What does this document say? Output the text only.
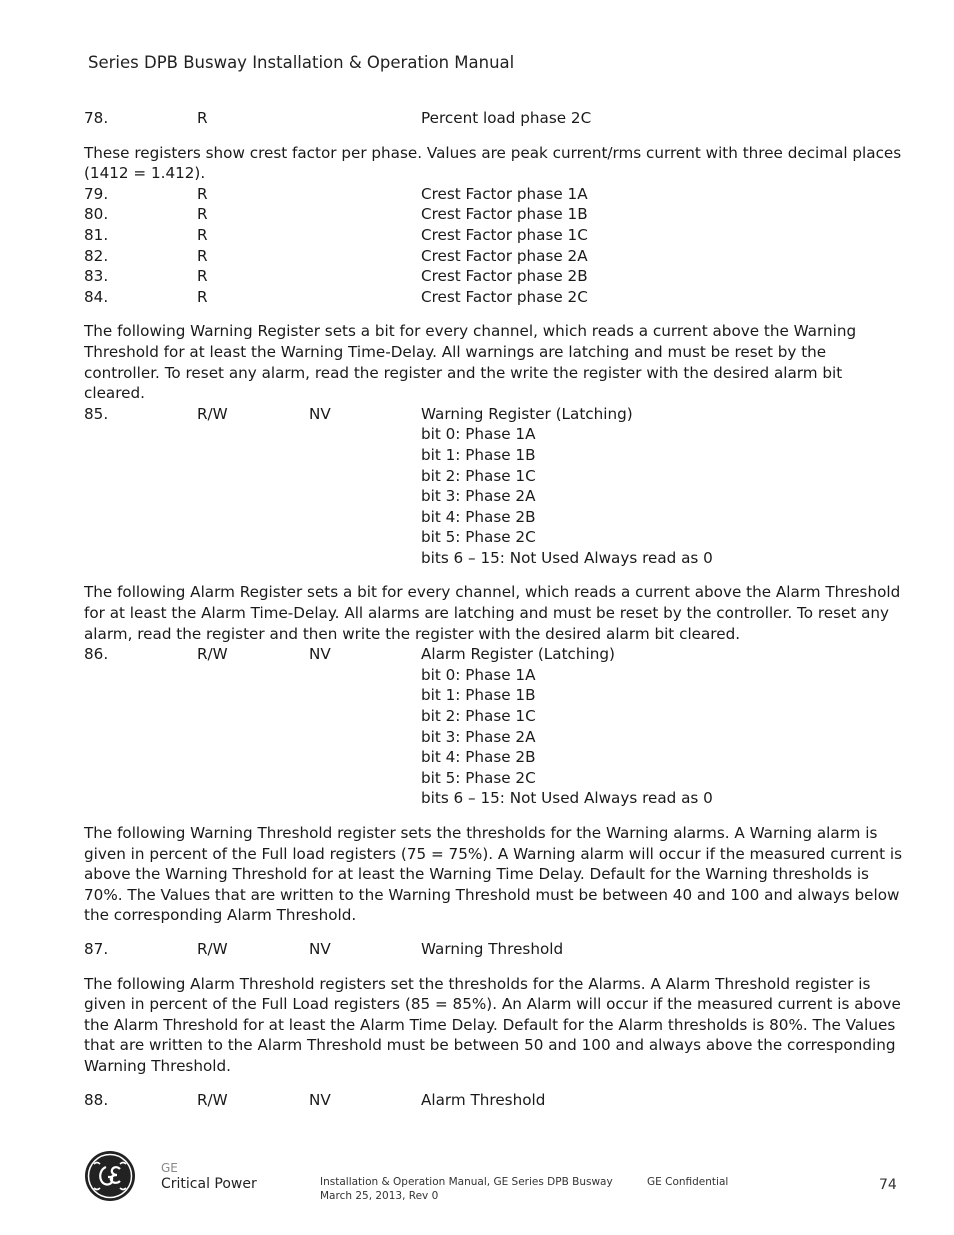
Series DPB Busway Installation & Operation Manual
78.	R	Percent load phase 2C

These registers show crest factor per phase. Values are peak current/rms current with three decimal places (1412 = 1.412).

79.	R	Crest Factor phase 1A
80.	R	Crest Factor phase 1B
81.	R	Crest Factor phase 1C
82.	R	Crest Factor phase 2A
83.	R	Crest Factor phase 2B
84.	R	Crest Factor phase 2C

The following Warning Register sets a bit for every channel, which reads a current above the Warning Threshold for at least the Warning Time-Delay. All warnings are latching and must be reset by the controller. To reset any alarm, read the register and the write the register with the desired alarm bit cleared.

85.	R/W	NV	Warning Register (Latching)
bit 0: Phase 1A
bit 1: Phase 1B
bit 2: Phase 1C
bit 3: Phase 2A
bit 4: Phase 2B
bit 5: Phase 2C
bits 6 – 15: Not Used Always read as 0

The following Alarm Register sets a bit for every channel, which reads a current above the Alarm Threshold for at least the Alarm Time-Delay. All alarms are latching and must be reset by the controller. To reset any alarm, read the register and then write the register with the desired alarm bit cleared.

86.	R/W	NV	Alarm Register (Latching)
bit 0: Phase 1A
bit 1: Phase 1B
bit 2: Phase 1C
bit 3: Phase 2A
bit 4: Phase 2B
bit 5: Phase 2C
bits 6 – 15: Not Used Always read as 0

The following Warning Threshold register sets the thresholds for the Warning alarms. A Warning alarm is given in percent of the Full load registers (75 = 75%). A Warning alarm will occur if the measured current is above the Warning Threshold for at least the Warning Time Delay. Default for the Warning thresholds is 70%. The Values that are written to the Warning Threshold must be between 40 and 100 and always below the corresponding Alarm Threshold.

87.	R/W	NV	Warning Threshold

The following Alarm Threshold registers set the thresholds for the Alarms. A Alarm Threshold register is given in percent of the Full Load registers (85 = 85%). An Alarm will occur if the measured current is above the Alarm Threshold for at least the Alarm Time Delay. Default for the Alarm thresholds is 80%. The Values that are written to the Alarm Threshold must be between 50 and 100 and always above the corresponding Warning Threshold.

88.	R/W	NV	Alarm Threshold
GE
Critical Power	Installation & Operation Manual, GE Series DPB Busway
March 25, 2013, Rev 0
GE Confidential	74
